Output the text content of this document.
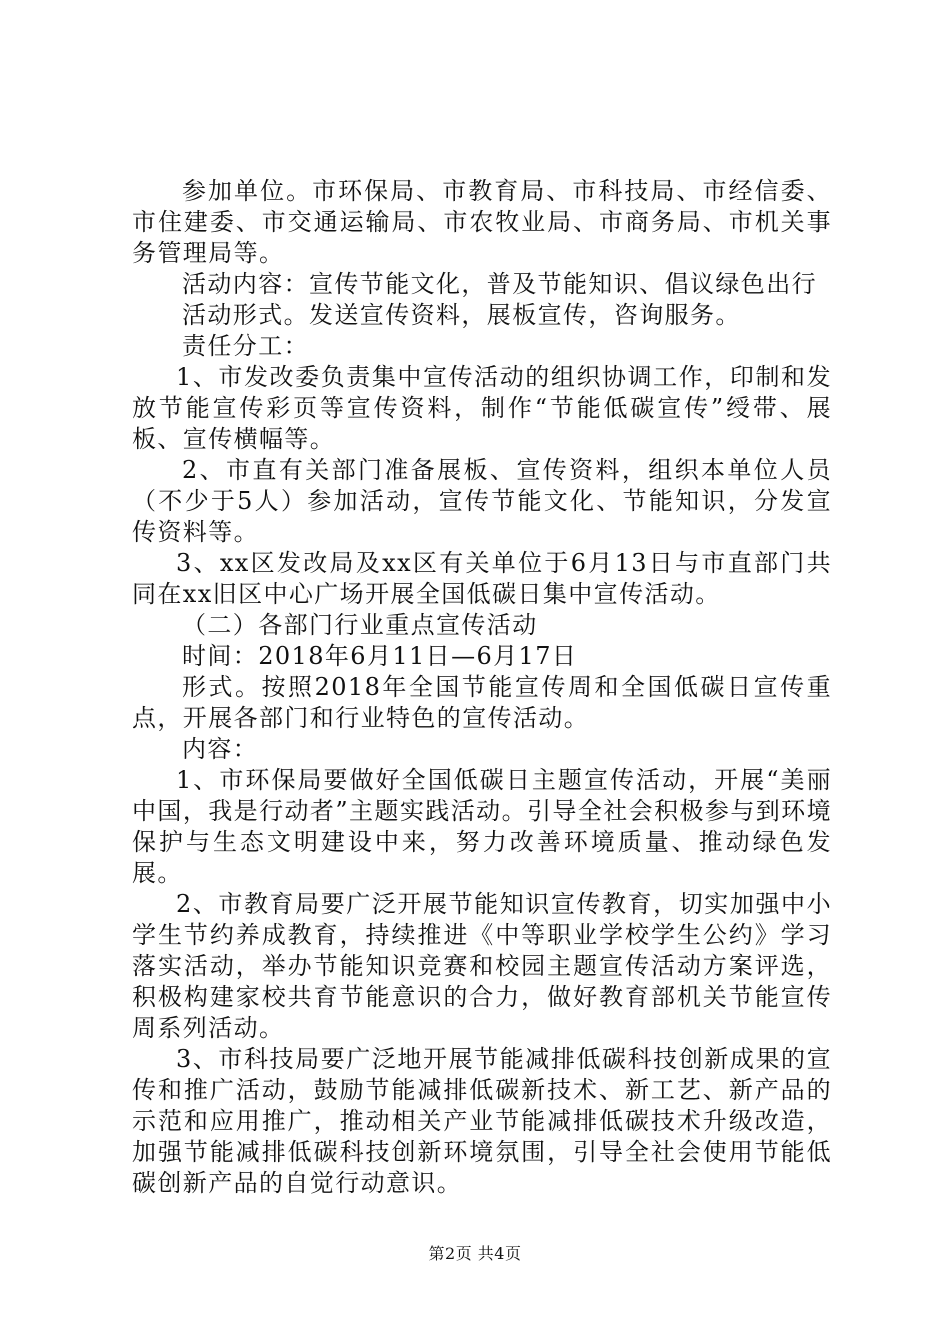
参加单位。市环保局、市教育局、市科技局、市经信委、市住建委、市交通运输局、市农牧业局、市商务局、市机关事务管理局等。

活动内容：宣传节能文化，普及节能知识、倡议绿色出行

活动形式。发送宣传资料，展板宣传，咨询服务。

责任分工：

1、市发改委负责集中宣传活动的组织协调工作，印制和发放节能宣传彩页等宣传资料，制作“节能低碳宣传”绶带、展板、宣传横幅等。

2、市直有关部门准备展板、宣传资料，组织本单位人员（不少于5人）参加活动，宣传节能文化、节能知识，分发宣传资料等。

3、xx区发改局及xx区有关单位于6月13日与市直部门共同在xx旧区中心广场开展全国低碳日集中宣传活动。

（二）各部门行业重点宣传活动

时间：2018年6月11日—6月17日

形式。按照2018年全国节能宣传周和全国低碳日宣传重点，开展各部门和行业特色的宣传活动。

内容：

1、市环保局要做好全国低碳日主题宣传活动，开展“美丽中国，我是行动者”主题实践活动。引导全社会积极参与到环境保护与生态文明建设中来，努力改善环境质量、推动绿色发展。

2、市教育局要广泛开展节能知识宣传教育，切实加强中小学生节约养成教育，持续推进《中等职业学校学生公约》学习落实活动，举办节能知识竞赛和校园主题宣传活动方案评选，积极构建家校共育节能意识的合力，做好教育部机关节能宣传周系列活动。

3、市科技局要广泛地开展节能减排低碳科技创新成果的宣传和推广活动，鼓励节能减排低碳新技术、新工艺、新产品的示范和应用推广，推动相关产业节能减排低碳技术升级改造，加强节能减排低碳科技创新环境氛围，引导全社会使用节能低碳创新产品的自觉行动意识。

第2页 共4页
